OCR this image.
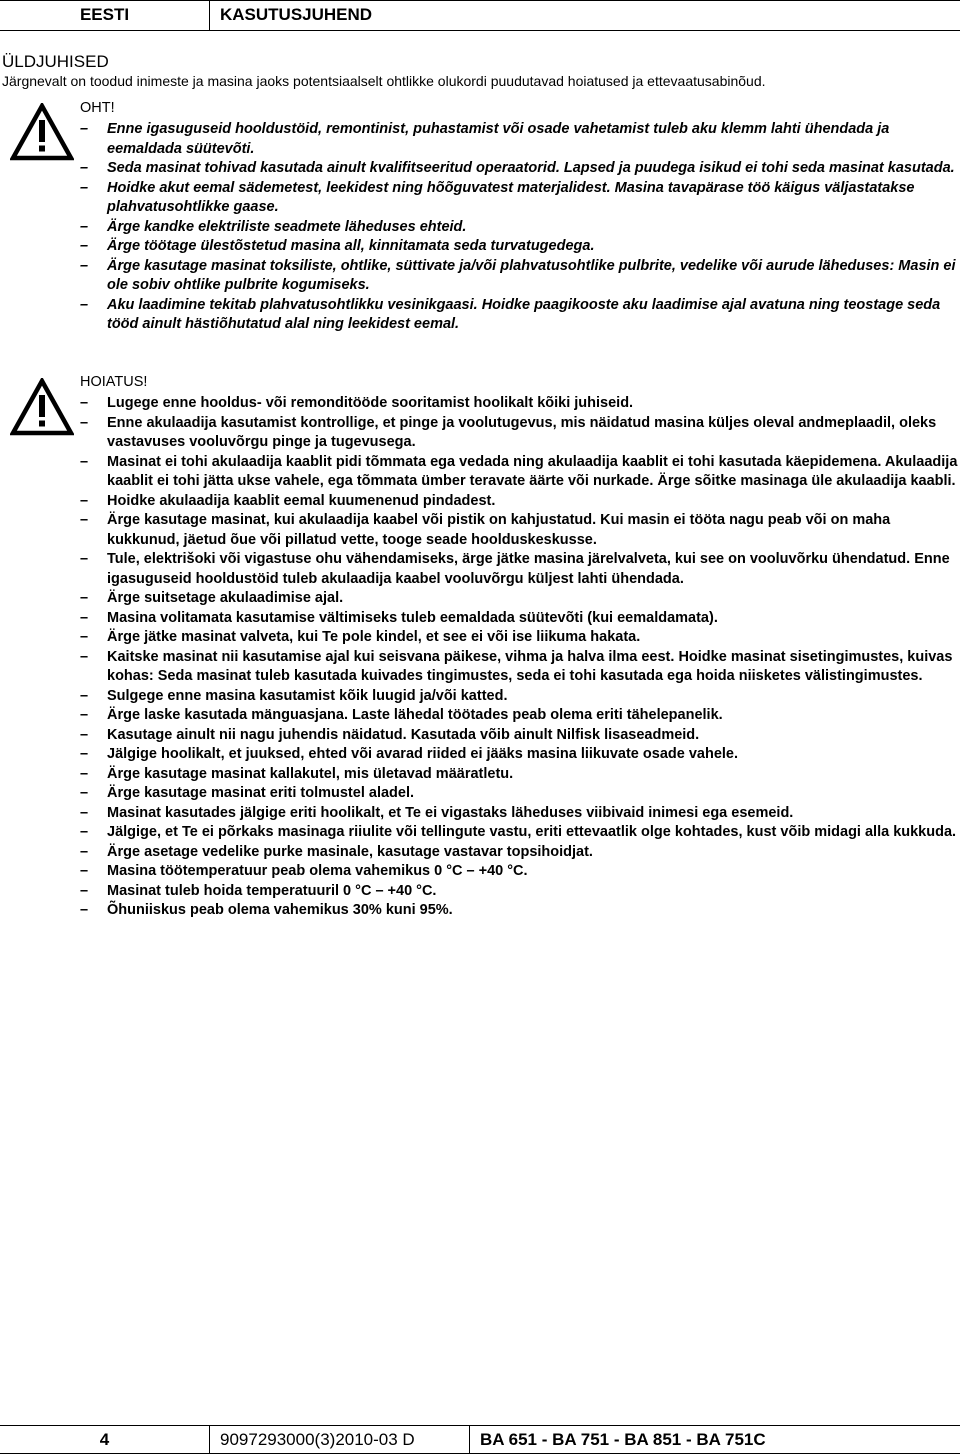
EESTI	KASUTUSJUHEND
ÜLDJUHISED
Järgnevalt on toodud inimeste ja masina jaoks potentsiaalselt ohtlikke olukordi puudutavad hoiatused ja ettevaatusabinõud.
OHT!
– Enne igasuguseid hooldustöid, remontinist, puhastamist või osade vahetamist tuleb aku klemm lahti ühendada ja eemaldada süütevõti.
– Seda masinat tohivad kasutada ainult kvalifitseeritud operaatorid. Lapsed ja puudega isikud ei tohi seda masinat kasutada.
– Hoidke akut eemal sädemetest, leekidest ning hõõguvatest materjalidest. Masina tavapärase töö käigus väljastatakse plahvatusohtlikke gaase.
– Ärge kandke elektriliste seadmete läheduses ehteid.
– Ärge töötage ülestõstetud masina all, kinnitamata seda turvatugedega.
– Ärge kasutage masinat toksiliste, ohtlike, süttivate ja/või plahvatusohtlike pulbrite, vedelike või aurude läheduses: Masin ei ole sobiv ohtlike pulbrite kogumiseks.
– Aku laadimine tekitab plahvatusohtlikku vesinikgaasi. Hoidke paagikooste aku laadimise ajal avatuna ning teostage seda tööd ainult hästiõhutatud alal ning leekidest eemal.
HOIATUS!
– Lugege enne hooldus- või remonditööde sooritamist hoolikalt kõiki juhiseid.
– Enne akulaadija kasutamist kontrollige, et pinge ja voolutugevus, mis näidatud masina küljes oleval andmeplaadil, oleks vastavuses vooluvõrgu pinge ja tugevusega.
– Masinat ei tohi akulaadija kaablit pidi tõmmata ega vedada ning akulaadija kaablit ei tohi kasutada käepidemena. Akulaadija kaablit ei tohi jätta ukse vahele, ega tõmmata ümber teravate äärte või nurkade. Ärge sõitke masinaga üle akulaadija kaabli.
– Hoidke akulaadija kaablit eemal kuumenenud pindadest.
– Ärge kasutage masinat, kui akulaadija kaabel või pistik on kahjustatud. Kui masin ei tööta nagu peab või on maha kukkunud, jäetud õue või pillatud vette, tooge seade hoolduskeskusse.
– Tule, elektrišoki või vigastuse ohu vähendamiseks, ärge jätke masina järelvalveta, kui see on vooluvõrku ühendatud. Enne igasuguseid hooldustöid tuleb akulaadija kaabel vooluvõrgu küljest lahti ühendada.
– Ärge suitsetage akulaadimise ajal.
– Masina volitamata kasutamise vältimiseks tuleb eemaldada süütevõti (kui eemaldamata).
– Ärge jätke masinat valveta, kui Te pole kindel, et see ei või ise liikuma hakata.
– Kaitske masinat nii kasutamise ajal kui seisvana päikese, vihma ja halva ilma eest. Hoidke masinat sisetingimustes, kuivas kohas: Seda masinat tuleb kasutada kuivades tingimustes, seda ei tohi kasutada ega hoida niisketes välistingimustes.
– Sulgege enne masina kasutamist kõik luugid ja/või katted.
– Ärge laske kasutada mänguasjana. Laste lähedal töötades peab olema eriti tähelepanelik.
– Kasutage ainult nii nagu juhendis näidatud. Kasutada võib ainult Nilfisk lisaseadmeid.
– Jälgige hoolikalt, et juuksed, ehted või avarad riided ei jääks masina liikuvate osade vahele.
– Ärge kasutage masinat kallakutel, mis ületavad määratletu.
– Ärge kasutage masinat eriti tolmustel aladel.
– Masinat kasutades jälgige eriti hoolikalt, et Te ei vigastaks läheduses viibivaid inimesi ega esemeid.
– Jälgige, et Te ei põrkaks masinaga riiulite või tellingute vastu, eriti ettevaatlik olge kohtades, kust võib midagi alla kukkuda.
– Ärge asetage vedelike purke masinale, kasutage vastavar topsihoidjat.
– Masina töötemperatuur peab olema vahemikus 0 °C – +40 °C.
– Masinat tuleb hoida temperatuuril 0 °C – +40 °C.
– Õhuniiskus peab olema vahemikus 30% kuni 95%.
4	9097293000(3)2010-03 D	BA 651 - BA 751 - BA 851 - BA 751C
